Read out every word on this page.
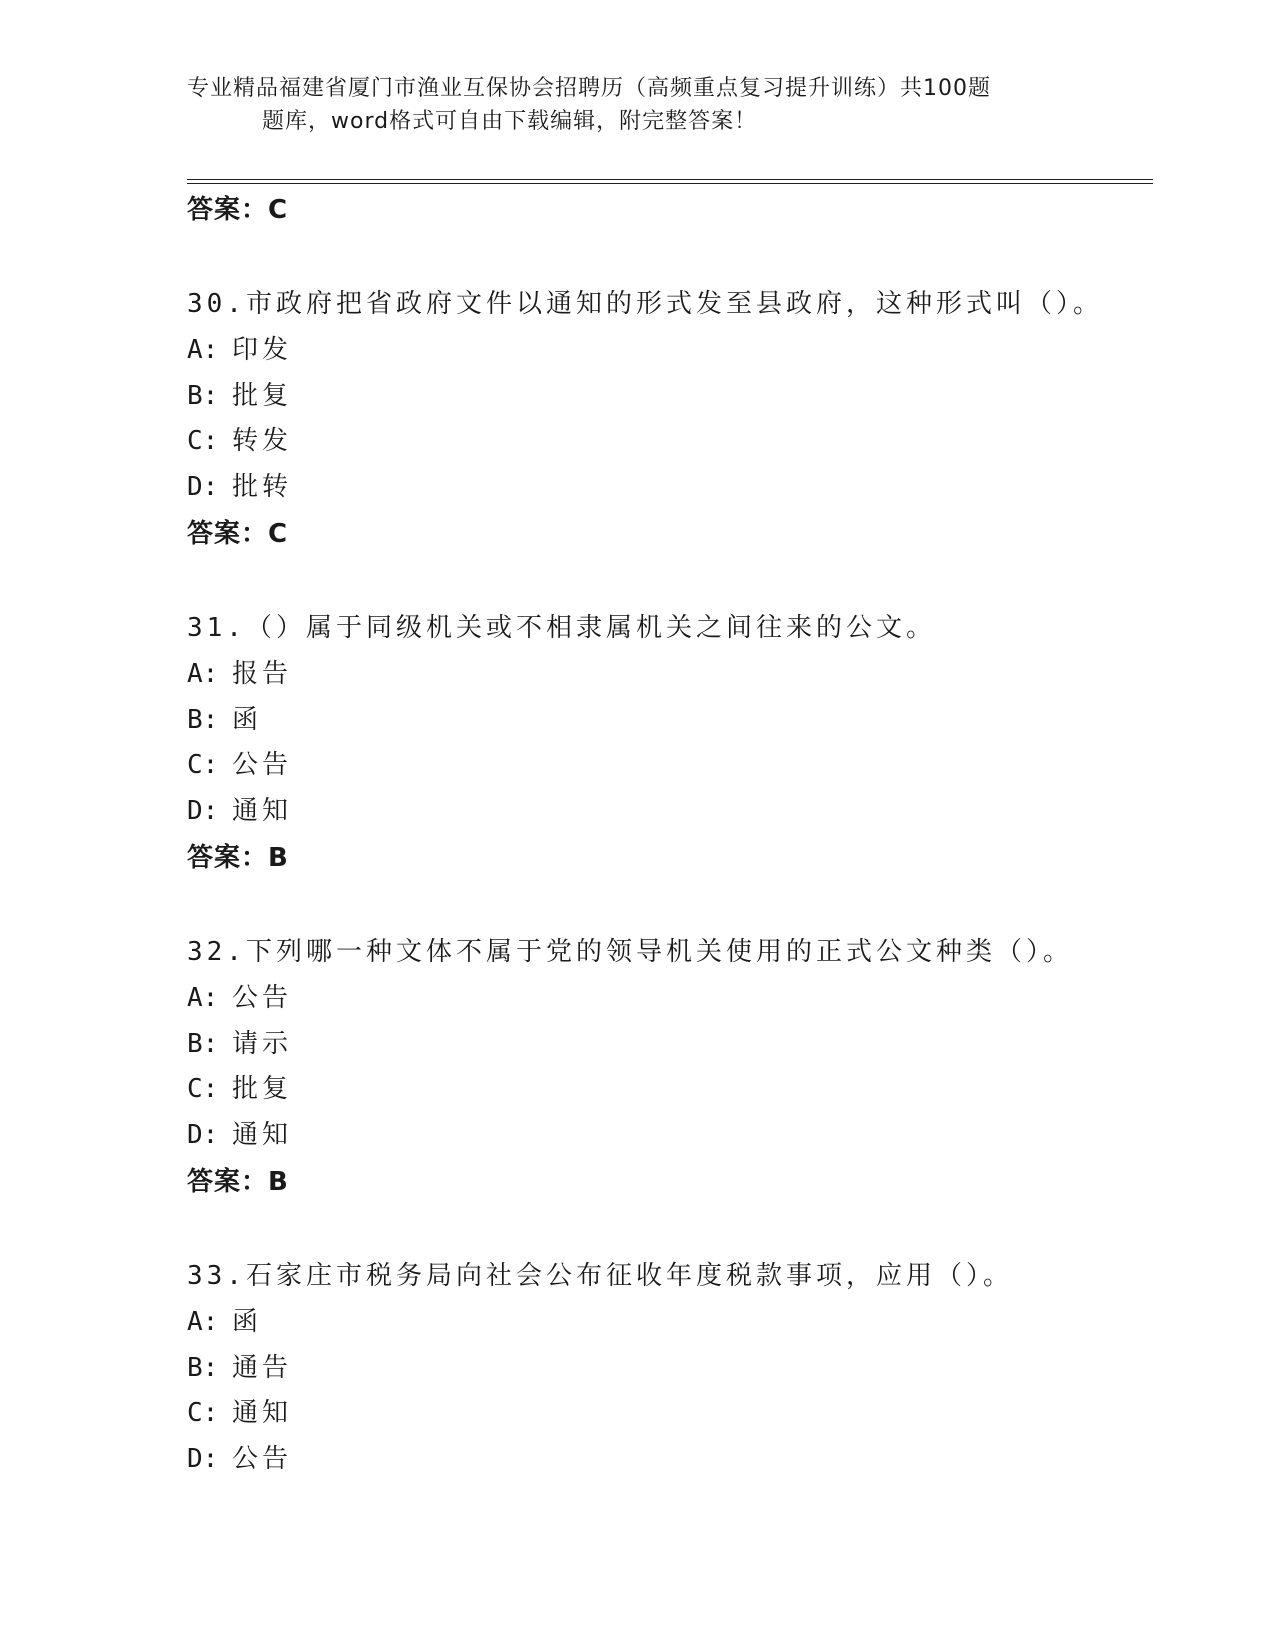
专业精品福建省厦门市渔业互保协会招聘历（高频重点复习提升训练）共100题
题库，word格式可自由下载编辑，附完整答案！
答案：C
30.市政府把省政府文件以通知的形式发至县政府，这种形式叫（）。
A: 印发
B: 批复
C: 转发
D: 批转
答案：C
31.（）属于同级机关或不相隶属机关之间往来的公文。
A: 报告
B: 函
C: 公告
D: 通知
答案：B
32.下列哪一种文体不属于党的领导机关使用的正式公文种类（）。
A: 公告
B: 请示
C: 批复
D: 通知
答案：B
33.石家庄市税务局向社会公布征收年度税款事项，应用（）。
A: 函
B: 通告
C: 通知
D: 公告
